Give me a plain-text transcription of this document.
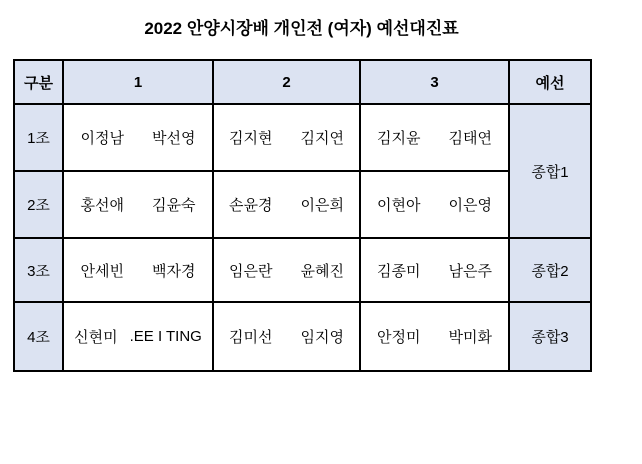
2022 안양시장배 개인전 (여자) 예선대진표
구분	1	2	3	예선
1조	이정남 박선영	김지현 김지연	김지윤 김태연	종합1
2조	홍선애 김윤숙	손윤경 이은희	이현아 이은영	

3조	안세빈 백자경	임은란 윤혜진	김종미 남은주	종합2
4조	신현미 .EE I TING	김미선 임지영	안정미 박미화	종합3
